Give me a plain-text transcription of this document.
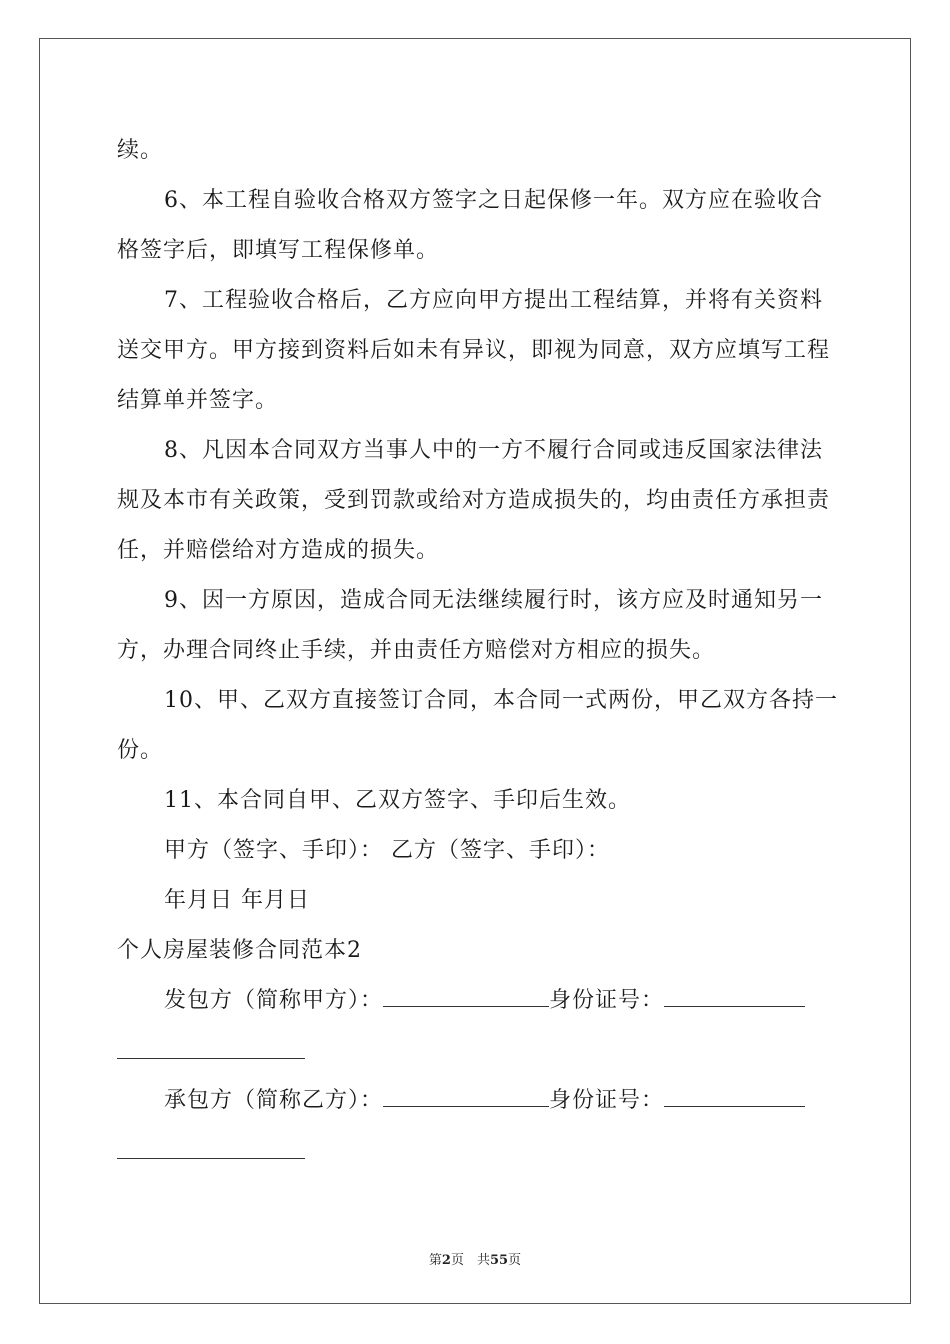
续。

6、本工程自验收合格双方签字之日起保修一年。双方应在验收合格签字后，即填写工程保修单。

7、工程验收合格后，乙方应向甲方提出工程结算，并将有关资料送交甲方。甲方接到资料后如未有异议，即视为同意，双方应填写工程结算单并签字。

8、凡因本合同双方当事人中的一方不履行合同或违反国家法律法规及本市有关政策，受到罚款或给对方造成损失的，均由责任方承担责任，并赔偿给对方造成的损失。

9、因一方原因，造成合同无法继续履行时，该方应及时通知另一方，办理合同终止手续，并由责任方赔偿对方相应的损失。

10、甲、乙双方直接签订合同，本合同一式两份，甲乙双方各持一份。

11、本合同自甲、乙双方签字、手印后生效。

甲方（签字、手印）： 乙方（签字、手印）：

年月日 年月日

个人房屋装修合同范本2

发包方（简称甲方）：	身份证号：

承包方（简称乙方）：	身份证号：

第2页　共55页
